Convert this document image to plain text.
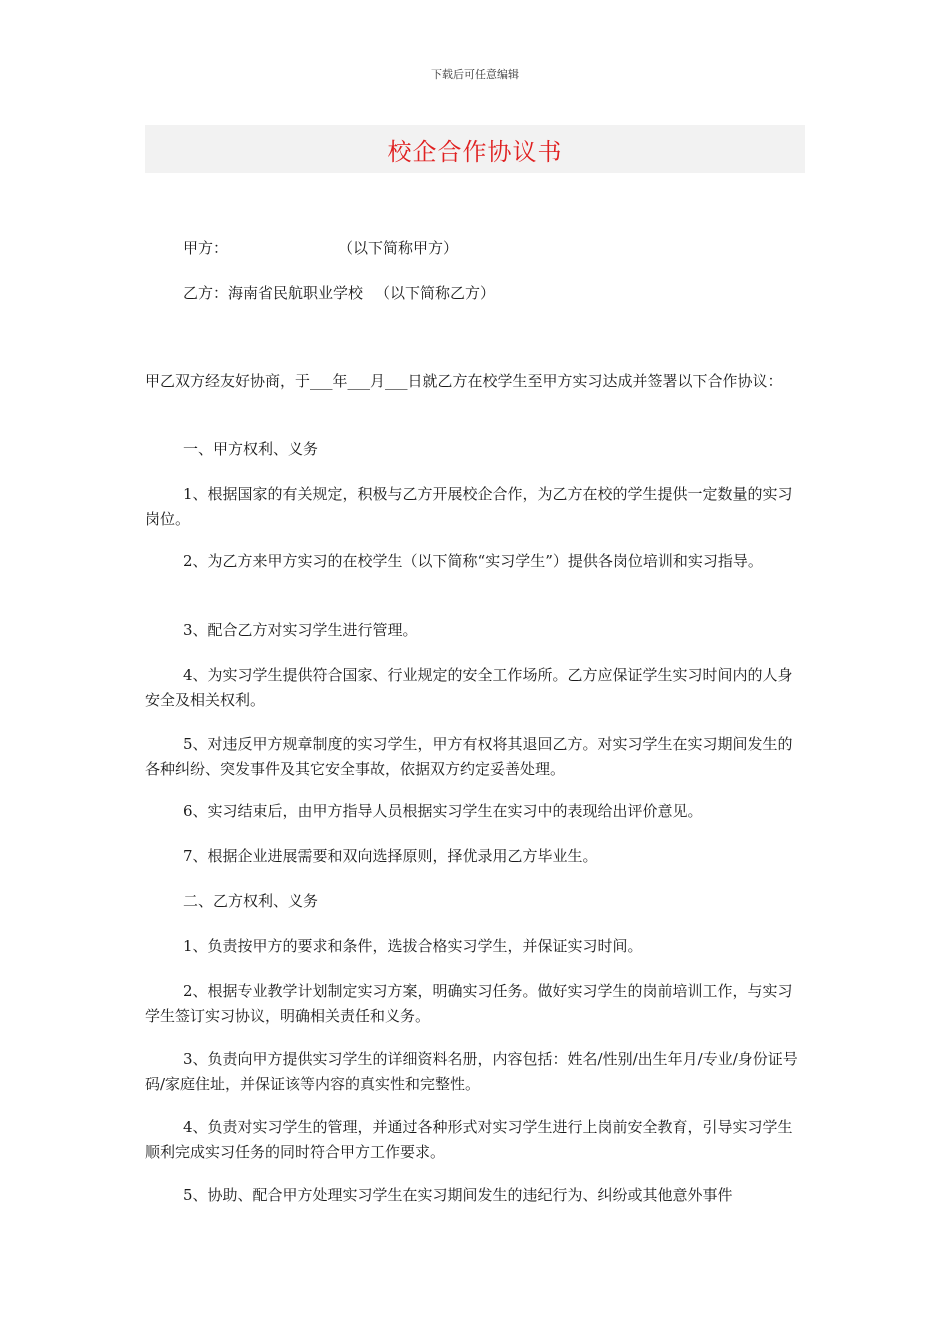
下载后可任意编辑
校企合作协议书
甲方：	（以下简称甲方）
乙方：海南省民航职业学校 （以下简称乙方）
甲乙双方经友好协商，于___年___月___日就乙方在校学生至甲方实习达成并签署以下合作协议：
一、甲方权利、义务
1、根据国家的有关规定，积极与乙方开展校企合作，为乙方在校的学生提供一定数量的实习岗位。
2、为乙方来甲方实习的在校学生（以下简称“实习学生”）提供各岗位培训和实习指导。
3、配合乙方对实习学生进行管理。
4、为实习学生提供符合国家、行业规定的安全工作场所。乙方应保证学生实习时间内的人身安全及相关权利。
5、对违反甲方规章制度的实习学生，甲方有权将其退回乙方。对实习学生在实习期间发生的各种纠纷、突发事件及其它安全事故，依据双方约定妥善处理。
6、实习结束后，由甲方指导人员根据实习学生在实习中的表现给出评价意见。
7、根据企业进展需要和双向选择原则，择优录用乙方毕业生。
二、乙方权利、义务
1、负责按甲方的要求和条件，选拔合格实习学生，并保证实习时间。
2、根据专业教学计划制定实习方案，明确实习任务。做好实习学生的岗前培训工作，与实习学生签订实习协议，明确相关责任和义务。
3、负责向甲方提供实习学生的详细资料名册，内容包括：姓名/性别/出生年月/专业/身份证号码/家庭住址，并保证该等内容的真实性和完整性。
4、负责对实习学生的管理，并通过各种形式对实习学生进行上岗前安全教育，引导实习学生顺利完成实习任务的同时符合甲方工作要求。
5、协助、配合甲方处理实习学生在实习期间发生的违纪行为、纠纷或其他意外事件
